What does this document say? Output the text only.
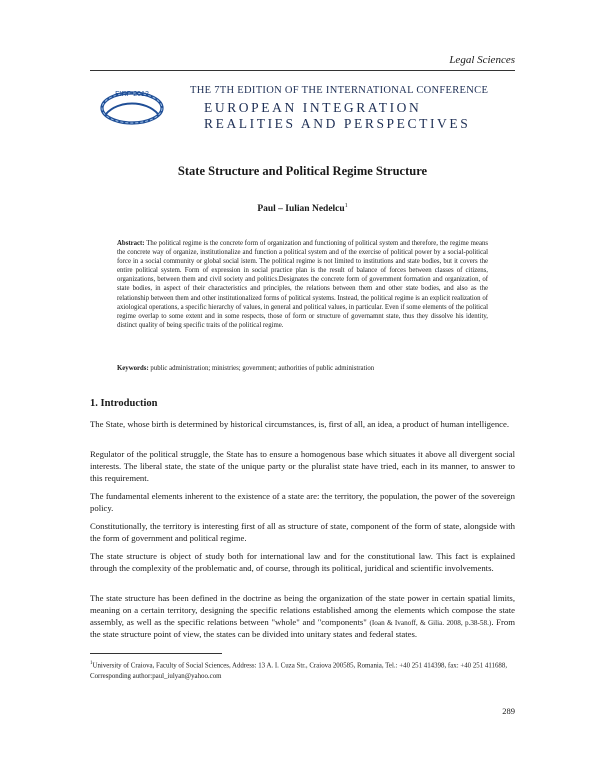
Legal Sciences
EIRP 2012	THE 7TH EDITION OF THE INTERNATIONAL CONFERENCE
EUROPEAN INTEGRATION
REALITIES AND PERSPECTIVES
State Structure and Political Regime Structure
Paul – Iulian Nedelcu$^1$
Abstract: The political regime is the concrete form of organization and functioning of political system and therefore, the regime means the concrete way of organize, institutionalize and function a political system and of the exercise of political power by a social-political force in a social community or global social istem. The political regime is not limited to institutions and state bodies, but it covers the entire political system. Form of expression in social practice plan is the result of balance of forces between classes of citizens, organizations, between them and civil society and politics.Designates the concrete form of government formation and organization, of state bodies, in aspect of their characteristics and principles, the relations between them and other state bodies, and also as the relationship between them and other institutionalized forms of political systems. Instead, the political regime is an explicit realization of axiological operations, a specific hierarchy of values, in general and political values, in particular. Even if some elements of the political regime overlap to some extent and in some respects, those of form or structure of governamnt state, thus they dissolve his identity, distinct quality of being specific traits of the political regime.
Keywords: public administration; ministries; government; authorities of public administration
1. Introduction
The State, whose birth is determined by historical circumstances, is, first of all, an idea, a product of human intelligence.
Regulator of the political struggle, the State has to ensure a homogenous base which situates it above all divergent social interests. The liberal state, the state of the unique party or the pluralist state have tried, each in its manner, to answer to this requirement.
The fundamental elements inherent to the existence of a state are: the territory, the population, the power of the sovereign policy.
Constitutionally, the territory is interesting first of all as structure of state, component of the form of state, alongside with the form of government and political regime.
The state structure is object of study both for international law and for the constitutional law. This fact is explained through the complexity of the problematic and, of course, through its political, juridical and scientific involvements.
The state structure has been defined in the doctrine as being the organization of the state power in certain spatial limits, meaning on a certain territory, designing the specific relations established among the elements which compose the state assembly, as well as the specific relations between "whole" and "components" (Ioan & Ivanoff, & Gilia. 2008, p.38-58.). From the state structure point of view, the states can be divided into unitary states and federal states.
$^1$University of Craiova, Faculty of Social Sciences, Address: 13 A. I. Cuza Str., Craiova 200585, Romania, Tel.: +40 251 414398, fax: +40 251 411688, Corresponding author:paul_iulyan@yahoo.com
289
